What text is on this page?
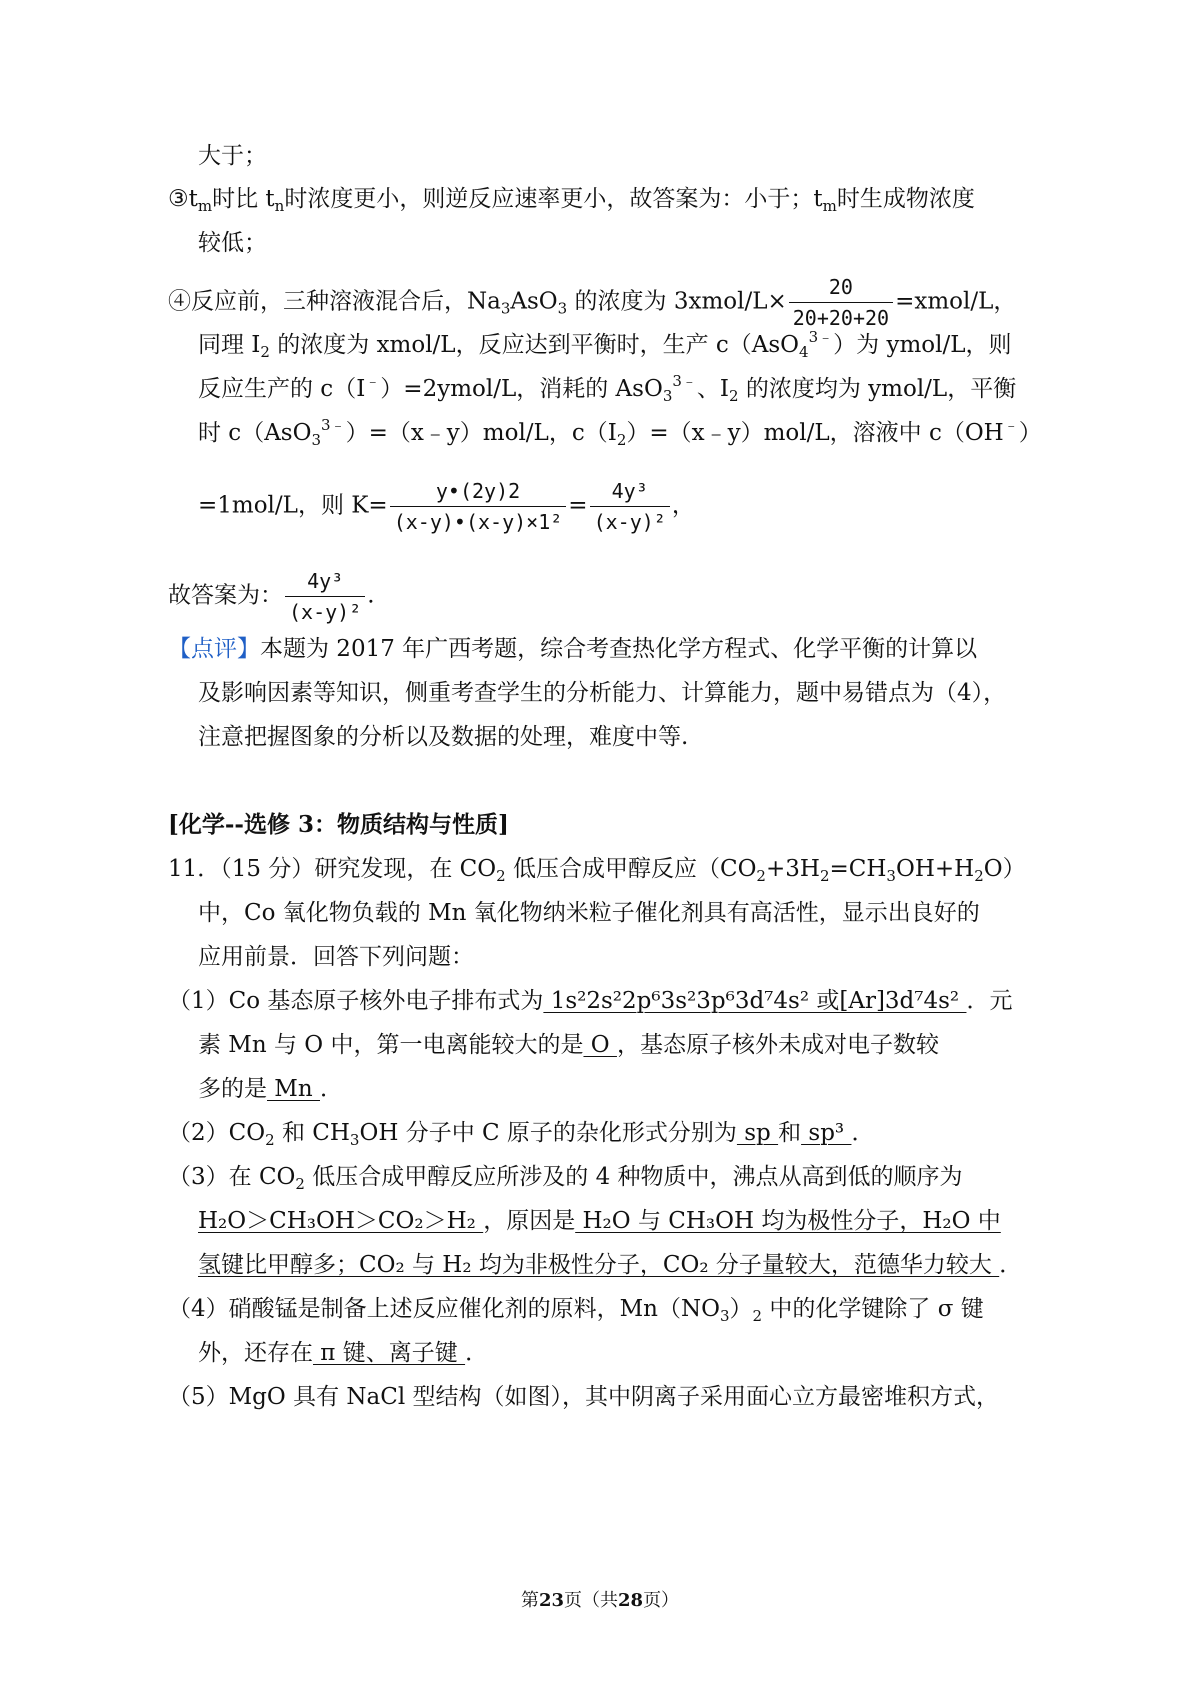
大于；
$③t_m$时比 $t_n$时浓度更小，则逆反应速率更小，故答案为：小于；$t_m$时生成物浓度
较低；
④反应前，三种溶液混合后，$Na_3AsO_3$ 的浓度为 3xmol/L× $\frac{20}{20+20+20}$ =xmol/L，
同理 $I_2$ 的浓度为 xmol/L，反应达到平衡时，生产 c（AsO$_4^{3﹣}$）为 ymol/L，则
反应生产的 c（I﹣）=2ymol/L，消耗的 AsO$_3^{3﹣}$、$I_2$ 的浓度均为 ymol/L，平衡
时 c（AsO$_3^{3﹣}$）=（x﹣y）mol/L，$c(I_2)=(x﹣y)mol/L$，溶液中 c（OH﹣）
=1mol/L，则 $K= \frac{y•(2y)2}{\text{(x-y)•(x-y)×1²}} = \frac{\text{4y³}}{\text{(x-y)²}}$ ，
故答案为： $\frac{\text{4y³}}{\text{(x-y)²}}$ .
【点评】本题为 2017 年广西考题，综合考查热化学方程式、化学平衡的计算以
及影响因素等知识，侧重考查学生的分析能力、计算能力，题中易错点为（4），
注意把握图象的分析以及数据的处理，难度中等.
[化学--选修 3：物质结构与性质]
11．（15 分）研究发现，在 $CO_2$ 低压合成甲醇反应$(CO_2+3H_2=CH_3OH+H_2O)$
中，Co 氧化物负载的 Mn 氧化物纳米粒子催化剂具有高活性，显示出良好的
应用前景．回答下列问题：
（1）Co 基态原子核外电子排布式为 1s²2s²2p⁶3s²3p⁶3d⁷4s² 或[Ar]3d⁷4s² ．元
素 Mn 与 O 中，第一电离能较大的是 O ，基态原子核外未成对电子数较
多的是 Mn ．
$(2)CO_2$ 和 $CH_3OH$ 分子中 C 原子的杂化形式分别为 sp 和 sp³ ．
（3）在 $CO_2$ 低压合成甲醇反应所涉及的 4 种物质中，沸点从高到低的顺序为
H₂O＞CH₃OH＞CO₂＞H₂ ，原因是 H₂O 与 CH₃OH 均为极性分子，H₂O 中
氢键比甲醇多；CO₂ 与 H₂ 均为非极性分子，CO₂ 分子量较大，范德华力较大 ．
（4）硝酸锰是制备上述反应催化剂的原料，$Mn(NO_3)_2$ 中的化学键除了 σ 键
外，还存在 π 键、离子键 ．
（5）MgO 具有 NaCl 型结构（如图），其中阴离子采用面心立方最密堆积方式，
第23页（共28页）
